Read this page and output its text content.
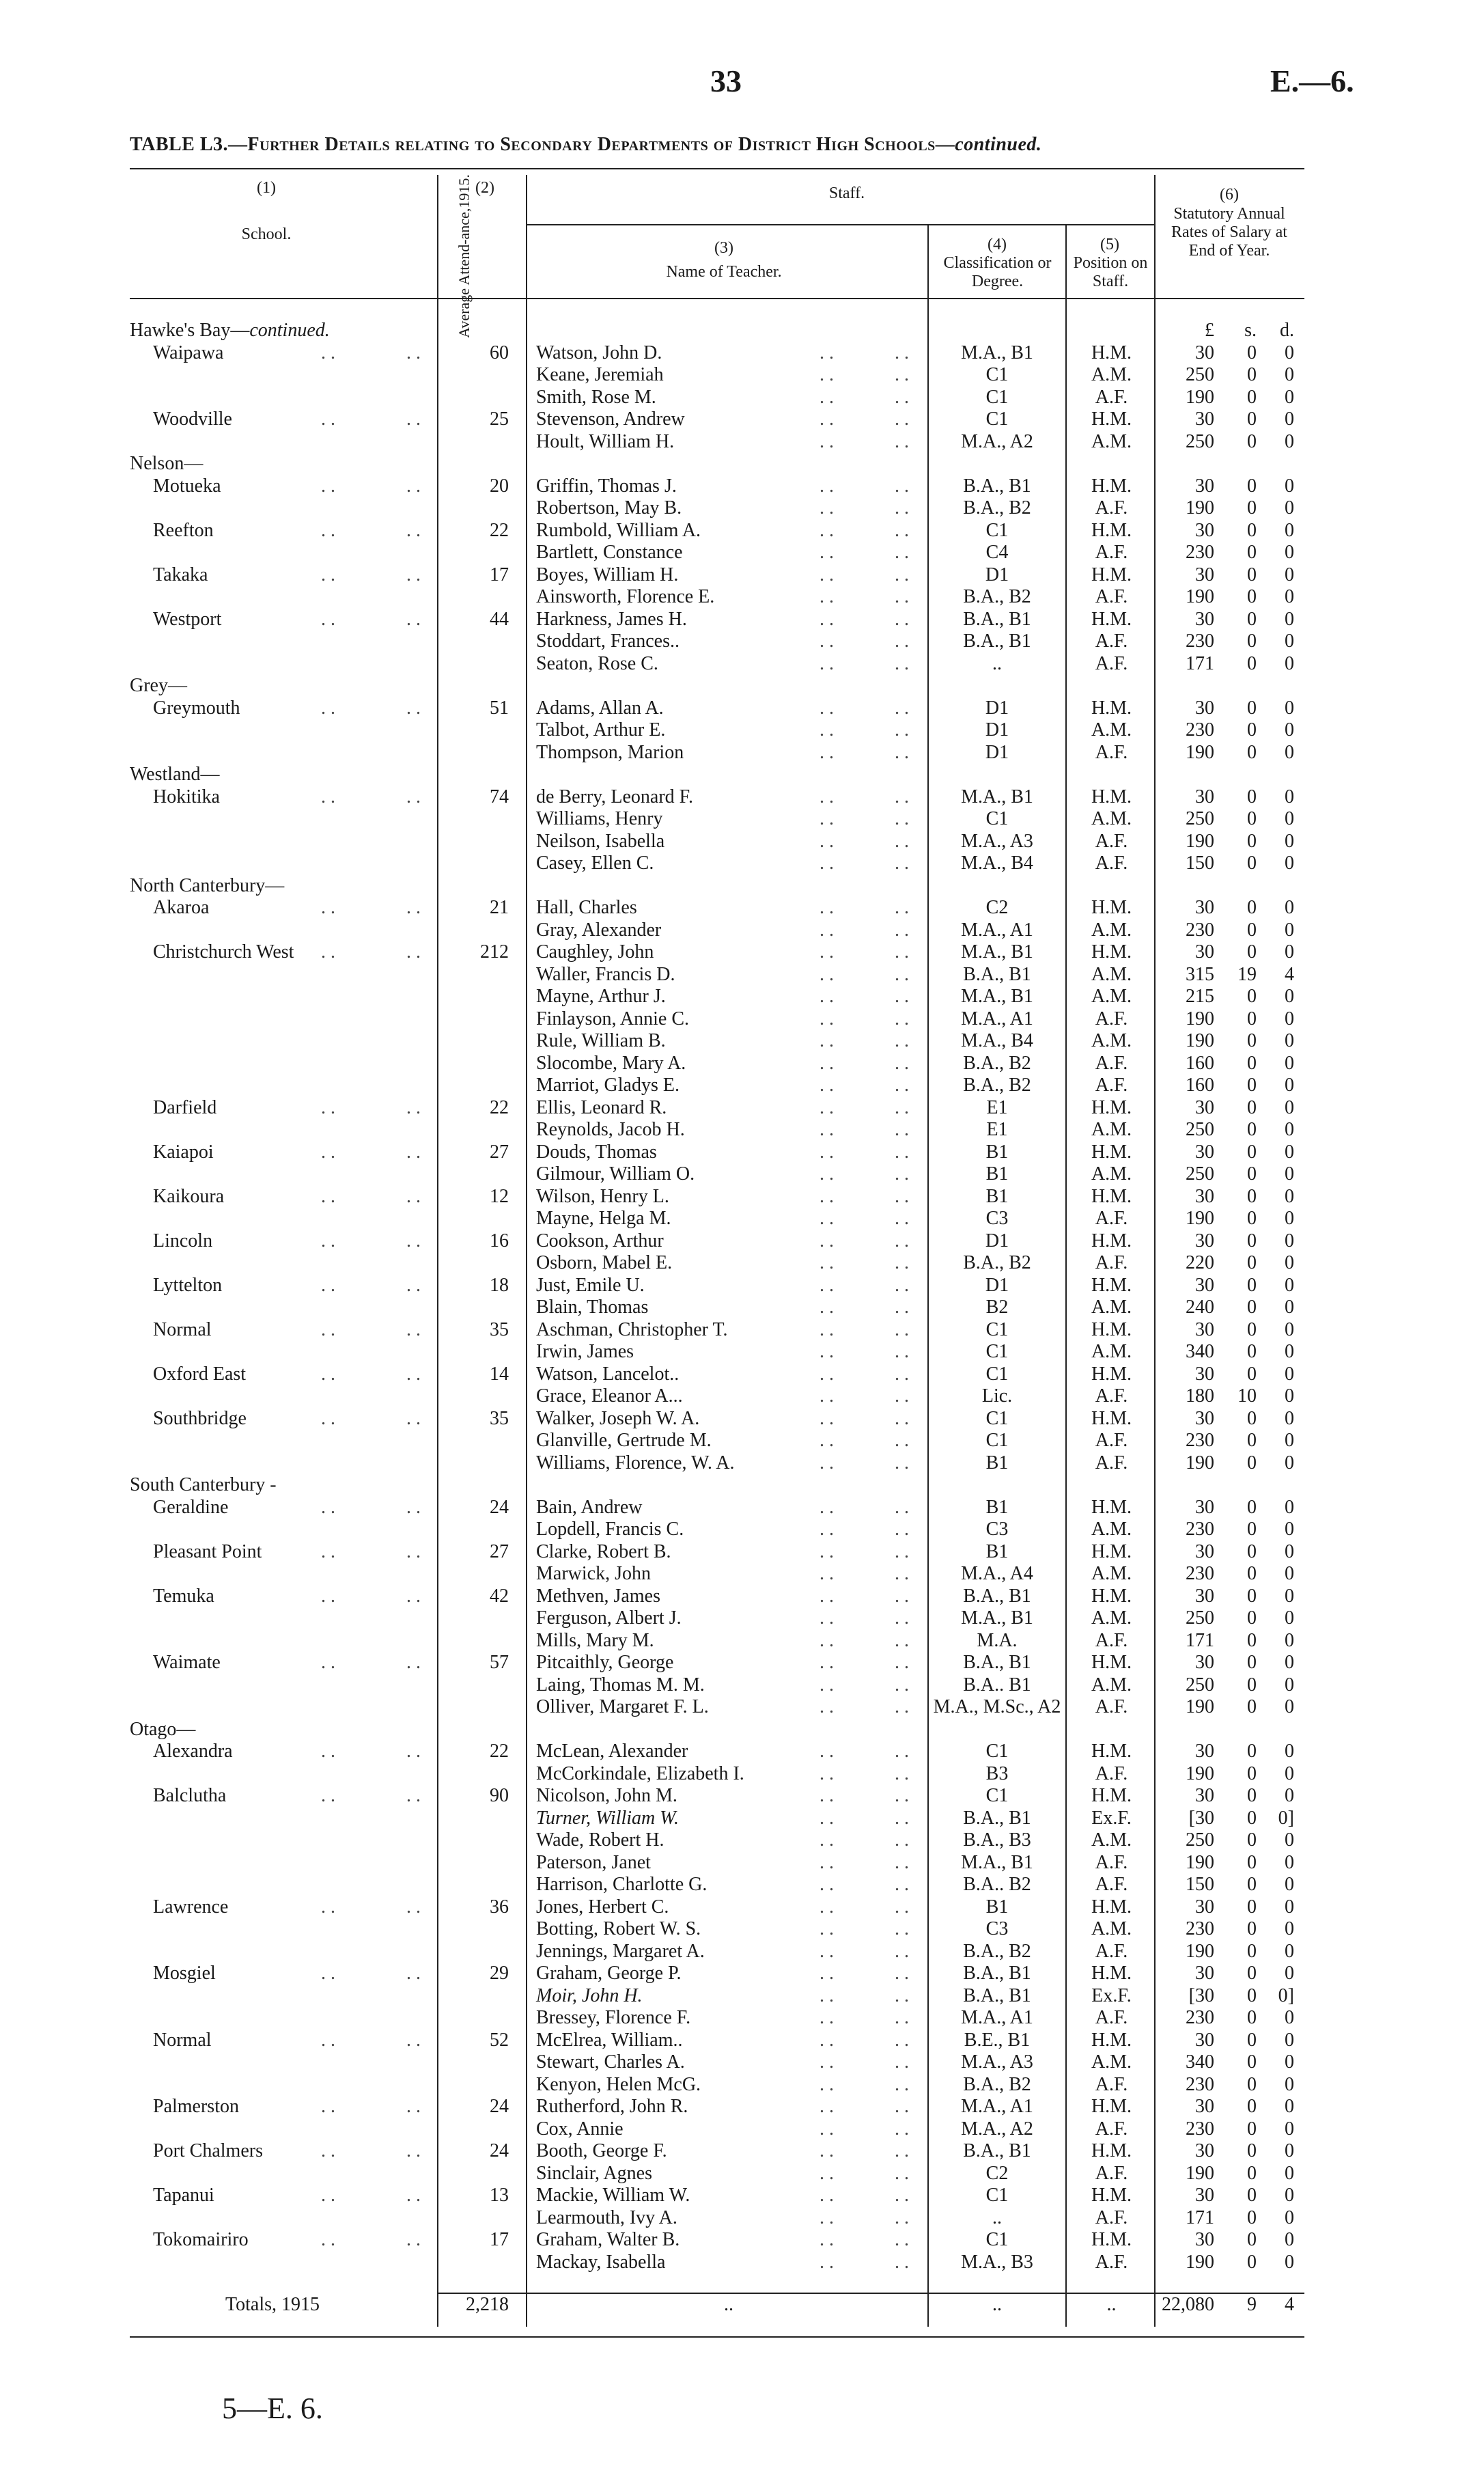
33	E.—6.
TABLE L3.—Further Details relating to Secondary Departments of District High Schools—continued.
(1)
School.
(2)
Average Attend-ance,1915.	Staff.
(3)
Name of Teacher.
(4)
Classification or Degree.
(5)
Position on Staff.
(6)
Statutory Annual Rates of Salary at End of Year.
£	s.	d.
Hawke's Bay—continued.
Waipawa	. .	. .	60 Watson, John D.	. .	. .	M.A., B1	H.M.	30	0	0
Keane, Jeremiah	. .	. .	C1	A.M.	250	0	0
Smith, Rose M.	. .	. .	C1	A.F.	190	0	0
Woodville	. .	. .	25 Stevenson, Andrew	. .	. .	C1	H.M.	30	0	0
Hoult, William H.	. .	. .	M.A., A2	A.M.	250	0	0
Nelson—
Motueka	. .	. .	20 Griffin, Thomas J.	. .	. .	B.A., B1	H.M.	30	0	0
Robertson, May B.	. .	. .	B.A., B2	A.F.	190	0	0
Reefton	. .	. .	22 Rumbold, William A.	. .	. .	C1	H.M.	30	0	0
Bartlett, Constance	. .	. .	C4	A.F.	230	0	0
Takaka	. .	. .	17 Boyes, William H.	. .	. .	D1	H.M.	30	0	0
Ainsworth, Florence E.	. .	. .	B.A., B2	A.F.	190	0	0
Westport	. .	. .	44 Harkness, James H.	. .	. .	B.A., B1	H.M.	30	0	0
Stoddart, Frances..	. .	. .	B.A., B1	A.F.	230	0	0
Seaton, Rose C.	. .	. .	..	A.F.	171	0	0
Grey—
Greymouth	. .	. .	51 Adams, Allan A.	. .	. .	D1	H.M.	30	0	0
Talbot, Arthur E.	. .	. .	D1	A.M.	230	0	0
Thompson, Marion	. .	. .	D1	A.F.	190	0	0
Westland—
Hokitika	. .	. .	74 de Berry, Leonard F.	. .	. .	M.A., B1	H.M.	30	0	0
Williams, Henry	. .	. .	C1	A.M.	250	0	0
Neilson, Isabella	. .	. .	M.A., A3	A.F.	190	0	0
Casey, Ellen C.	. .	. .	M.A., B4	A.F.	150	0	0
North Canterbury—
Akaroa	. .	. .	21 Hall, Charles	. .	. .	C2	H.M.	30	0	0
Gray, Alexander	. .	. .	M.A., A1	A.M.	230	0	0
Christchurch West	. .	. .	212 Caughley, John	. .	. .	M.A., B1	H.M.	30	0	0
Waller, Francis D.	. .	. .	B.A., B1	A.M.	315	19	4
Mayne, Arthur J.	. .	. .	M.A., B1	A.M.	215	0	0
Finlayson, Annie C.	. .	. .	M.A., A1	A.F.	190	0	0
Rule, William B.	. .	. .	M.A., B4	A.M.	190	0	0
Slocombe, Mary A.	. .	. .	B.A., B2	A.F.	160	0	0
Marriot, Gladys E.	. .	. .	B.A., B2	A.F.	160	0	0
Darfield	. .	. .	22 Ellis, Leonard R.	. .	. .	E1	H.M.	30	0	0
Reynolds, Jacob H.	. .	. .	E1	A.M.	250	0	0
Kaiapoi	. .	. .	27 Douds, Thomas	. .	. .	B1	H.M.	30	0	0
Gilmour, William O.	. .	. .	B1	A.M.	250	0	0
Kaikoura	. .	. .	12 Wilson, Henry L.	. .	. .	B1	H.M.	30	0	0
Mayne, Helga M.	. .	. .	C3	A.F.	190	0	0
Lincoln	. .	. .	16 Cookson, Arthur	. .	. .	D1	H.M.	30	0	0
Osborn, Mabel E.	. .	. .	B.A., B2	A.F.	220	0	0
Lyttelton	. .	. .	18 Just, Emile U.	. .	. .	D1	H.M.	30	0	0
Blain, Thomas	. .	. .	B2	A.M.	240	0	0
Normal	. .	. .	35 Aschman, Christopher T.	. .	. .	C1	H.M.	30	0	0
Irwin, James	. .	. .	C1	A.M.	340	0	0
Oxford East	. .	. .	14 Watson, Lancelot..	. .	. .	C1	H.M.	30	0	0
Grace, Eleanor A...	. .	. .	Lic.	A.F.	180	10	0
Southbridge	. .	. .	35 Walker, Joseph W. A.	. .	. .	C1	H.M.	30	0	0
Glanville, Gertrude M.	. .	. .	C1	A.F.	230	0	0
Williams, Florence, W. A.	. .	. .	B1	A.F.	190	0	0
South Canterbury -
Geraldine	. .	. .	24 Bain, Andrew	. .	. .	B1	H.M.	30	0	0
Lopdell, Francis C.	. .	. .	C3	A.M.	230	0	0
Pleasant Point	. .	. .	27 Clarke, Robert B.	. .	. .	B1	H.M.	30	0	0
Marwick, John	. .	. .	M.A., A4	A.M.	230	0	0
Temuka	. .	. .	42 Methven, James	. .	. .	B.A., B1	H.M.	30	0	0
Ferguson, Albert J.	. .	. .	M.A., B1	A.M.	250	0	0
Mills, Mary M.	. .	. .	M.A.	A.F.	171	0	0
Waimate	. .	. .	57 Pitcaithly, George	. .	. .	B.A., B1	H.M.	30	0	0
Laing, Thomas M. M.	. .	. .	B.A.. B1	A.M.	250	0	0
Olliver, Margaret F. L.	. .	. . M.A., M.Sc., A2	A.F.	190	0	0
Otago—
Alexandra	. .	. .	22 McLean, Alexander	. .	. .	C1	H.M.	30	0	0
McCorkindale, Elizabeth I.	. .	. .	B3	A.F.	190	0	0
Balclutha	. .	. .	90 Nicolson, John M.	. .	. .	C1	H.M.	30	0	0
Turner, William W.	. .	. .	B.A., B1	Ex.F.	[30	0	0]
Wade, Robert H.	. .	. .	B.A., B3	A.M.	250	0	0
Paterson, Janet	. .	. .	M.A., B1	A.F.	190	0	0
Harrison, Charlotte G.	. .	. .	B.A.. B2	A.F.	150	0	0
Lawrence	. .	. .	36 Jones, Herbert C.	. .	. .	B1	H.M.	30	0	0
Botting, Robert W. S.	. .	. .	C3	A.M.	230	0	0
Jennings, Margaret A.	. .	. .	B.A., B2	A.F.	190	0	0
Mosgiel	. .	. .	29 Graham, George P.	. .	. .	B.A., B1	H.M.	30	0	0
Moir, John H.	. .	. .	B.A., B1	Ex.F.	[30	0	0]
Bressey, Florence F.	. .	. .	M.A., A1	A.F.	230	0	0
Normal	. .	. .	52 McElrea, William..	. .	. .	B.E., B1	H.M.	30	0	0
Stewart, Charles A.	. .	. .	M.A., A3	A.M.	340	0	0
Kenyon, Helen McG.	. .	. .	B.A., B2	A.F.	230	0	0
Palmerston	. .	. .	24 Rutherford, John R.	. .	. .	M.A., A1	H.M.	30	0	0
Cox, Annie	. .	. .	M.A., A2	A.F.	230	0	0
Port Chalmers	. .	. .	24 Booth, George F.	. .	. .	B.A., B1	H.M.	30	0	0
Sinclair, Agnes	. .	. .	C2	A.F.	190	0	0
Tapanui	. .	. .	13 Mackie, William W.	. .	. .	C1	H.M.	30	0	0
Learmouth, Ivy A.	. .	. .	..	A.F.	171	0	0
Tokomairiro	. .	. .	17 Graham, Walter B.	. .	. .	C1	H.M.	30	0	0
Mackay, Isabella	. .	. .	M.A., B3	A.F.	190	0	0
Totals, 1915	2,218	..	..	..	22,080	9	4
5—E. 6.
